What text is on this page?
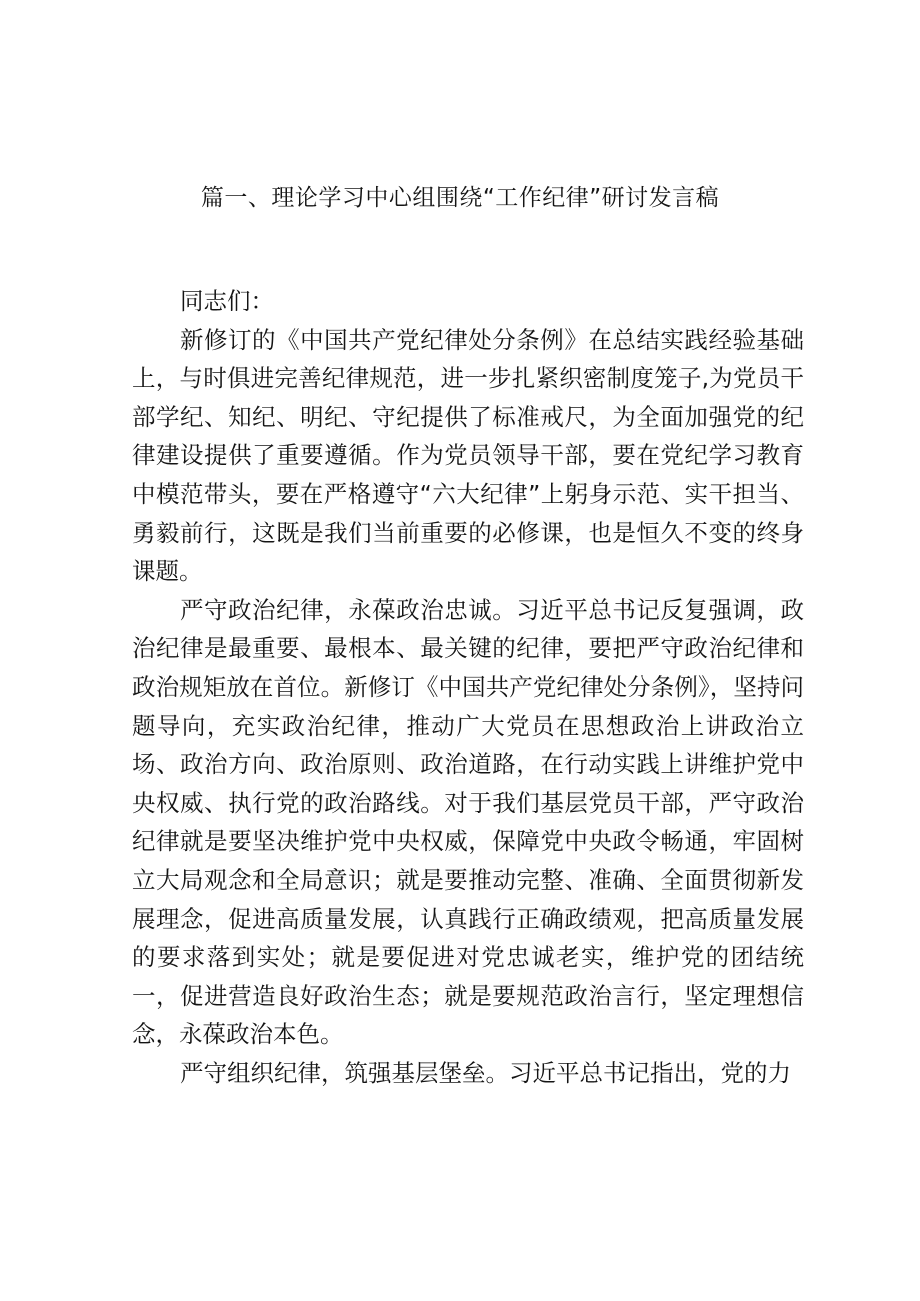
篇一、理论学习中心组围绕“工作纪律”研讨发言稿

同志们：

新修订的《中国共产党纪律处分条例》在总结实践经验基础上，与时俱进完善纪律规范，进一步扎紧织密制度笼子,为党员干部学纪、知纪、明纪、守纪提供了标准戒尺，为全面加强党的纪律建设提供了重要遵循。作为党员领导干部，要在党纪学习教育中模范带头，要在严格遵守“六大纪律”上躬身示范、实干担当、勇毅前行，这既是我们当前重要的必修课，也是恒久不变的终身课题。

严守政治纪律，永葆政治忠诚。习近平总书记反复强调，政治纪律是最重要、最根本、最关键的纪律，要把严守政治纪律和政治规矩放在首位。新修订《中国共产党纪律处分条例》，坚持问题导向，充实政治纪律，推动广大党员在思想政治上讲政治立场、政治方向、政治原则、政治道路，在行动实践上讲维护党中央权威、执行党的政治路线。对于我们基层党员干部，严守政治纪律就是要坚决维护党中央权威，保障党中央政令畅通，牢固树立大局观念和全局意识；就是要推动完整、准确、全面贯彻新发展理念，促进高质量发展，认真践行正确政绩观，把高质量发展的要求落到实处；就是要促进对党忠诚老实，维护党的团结统一，促进营造良好政治生态；就是要规范政治言行，坚定理想信念，永葆政治本色。

严守组织纪律，筑强基层堡垒。习近平总书记指出，党的力
